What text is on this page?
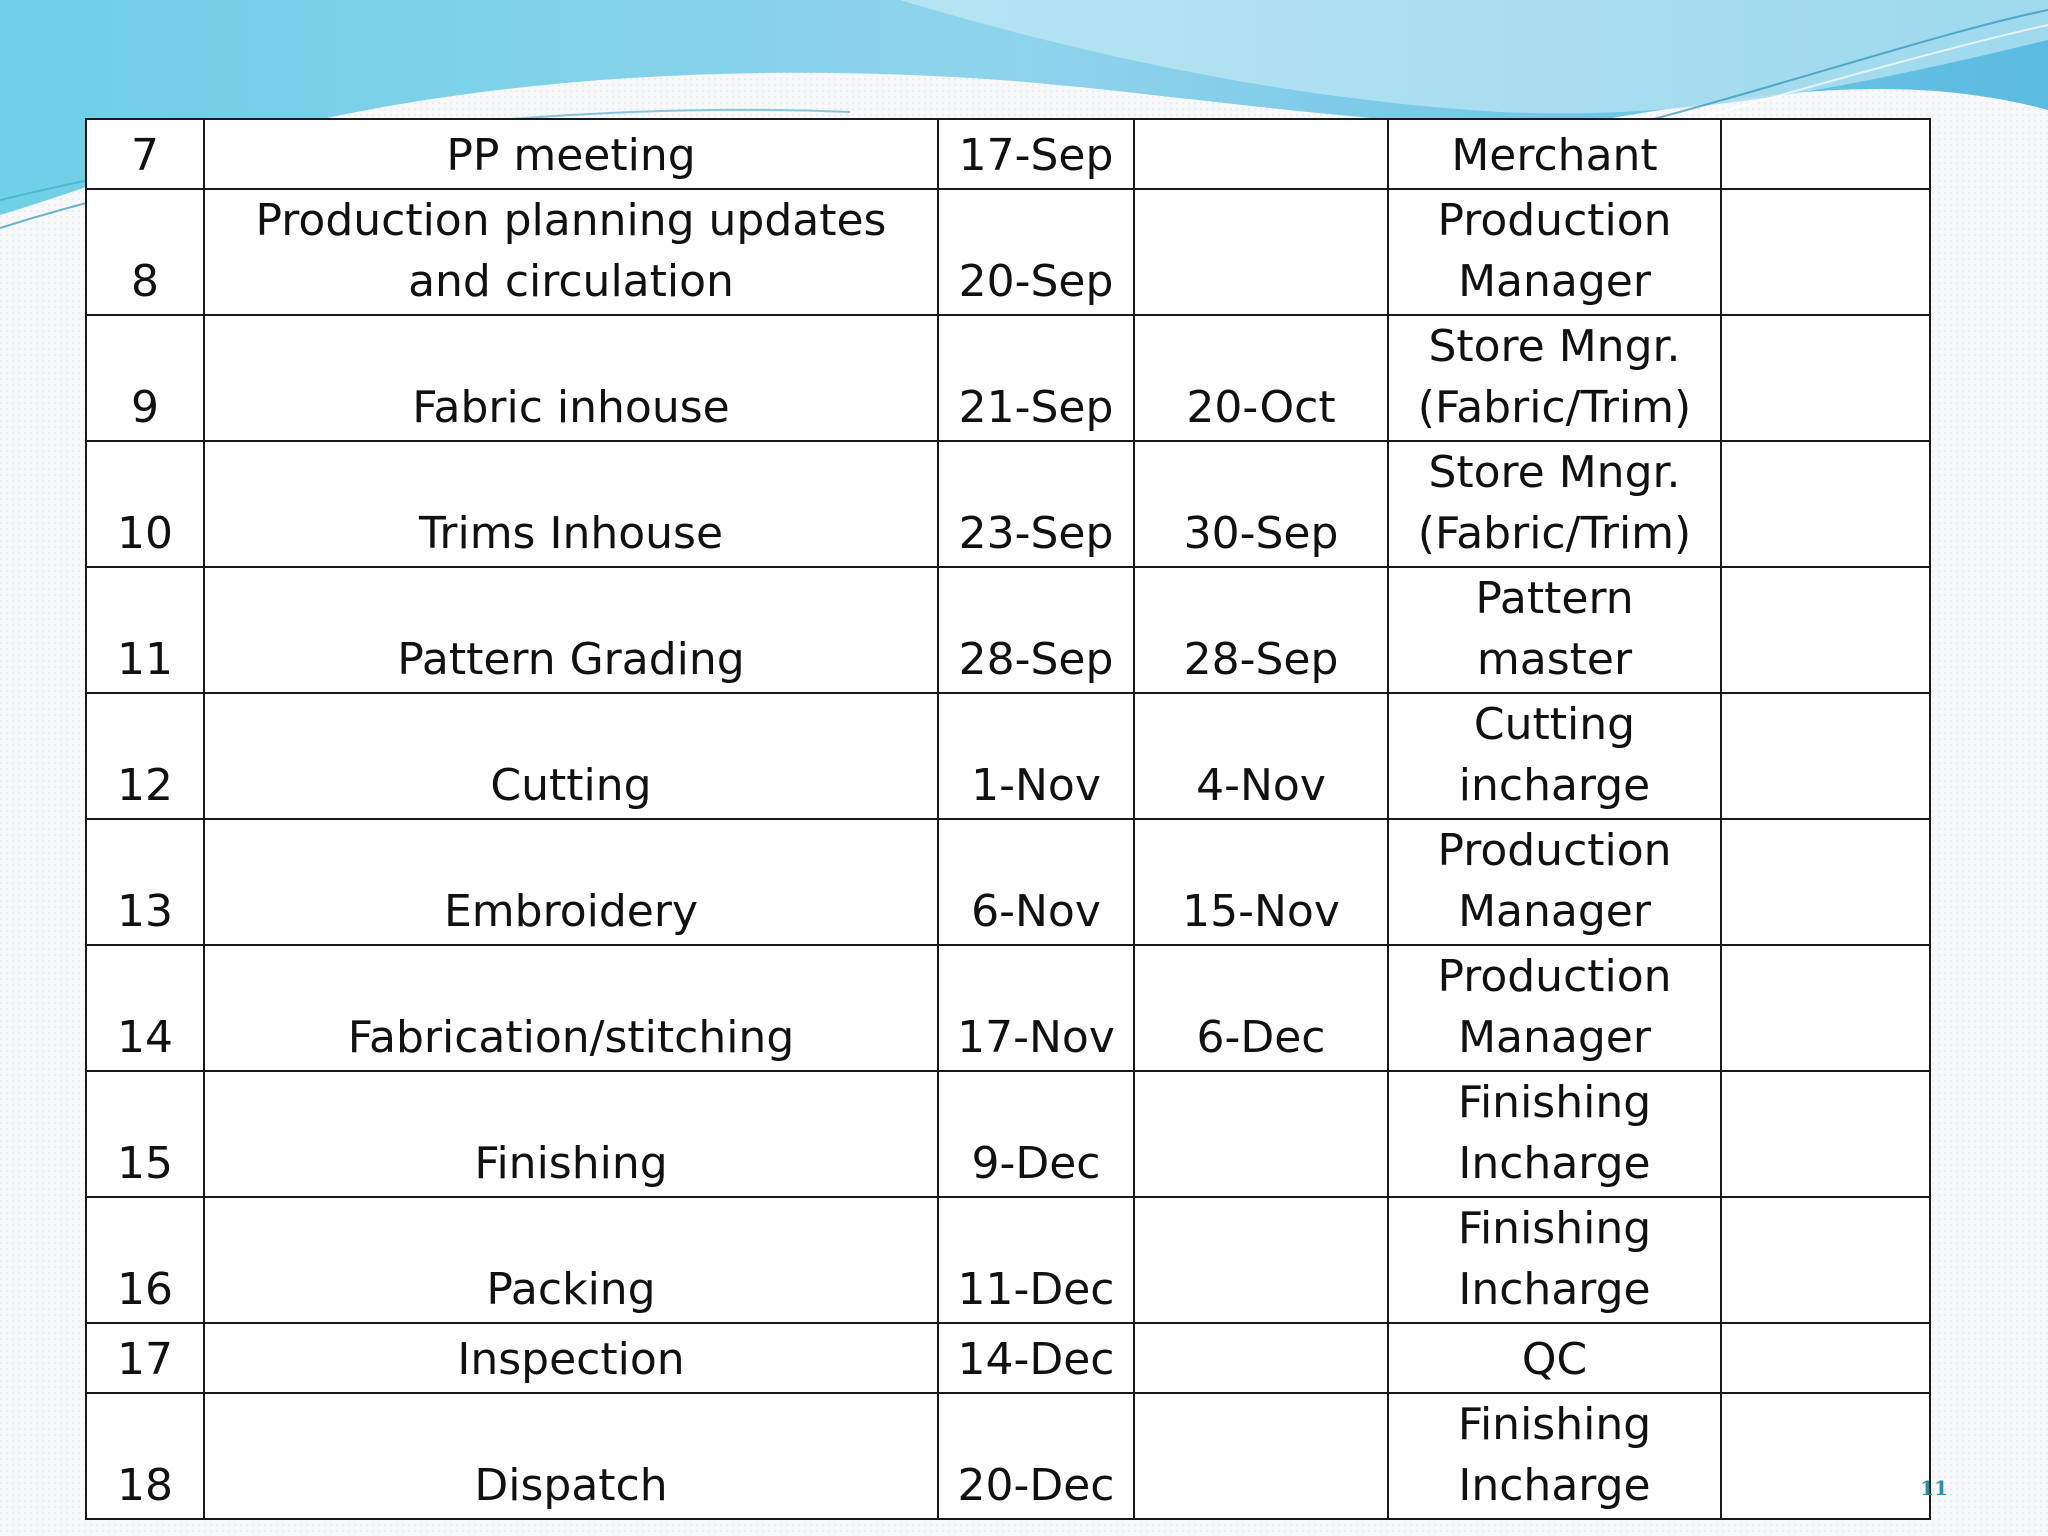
7	PP meeting	17-Sep		Merchant	
8	Production planning updates and circulation	20-Sep		Production Manager	
9	Fabric inhouse	21-Sep	20-Oct	Store Mngr. (Fabric/Trim)	
10	Trims Inhouse	23-Sep	30-Sep	Store Mngr. (Fabric/Trim)	
11	Pattern Grading	28-Sep	28-Sep	Pattern master	
12	Cutting	1-Nov	4-Nov	Cutting incharge	
13	Embroidery	6-Nov	15-Nov	Production Manager	
14	Fabrication/stitching	17-Nov	6-Dec	Production Manager	
15	Finishing	9-Dec		Finishing Incharge	
16	Packing	11-Dec		Finishing Incharge	
17	Inspection	14-Dec		QC	
18	Dispatch	20-Dec		Finishing Incharge		11
